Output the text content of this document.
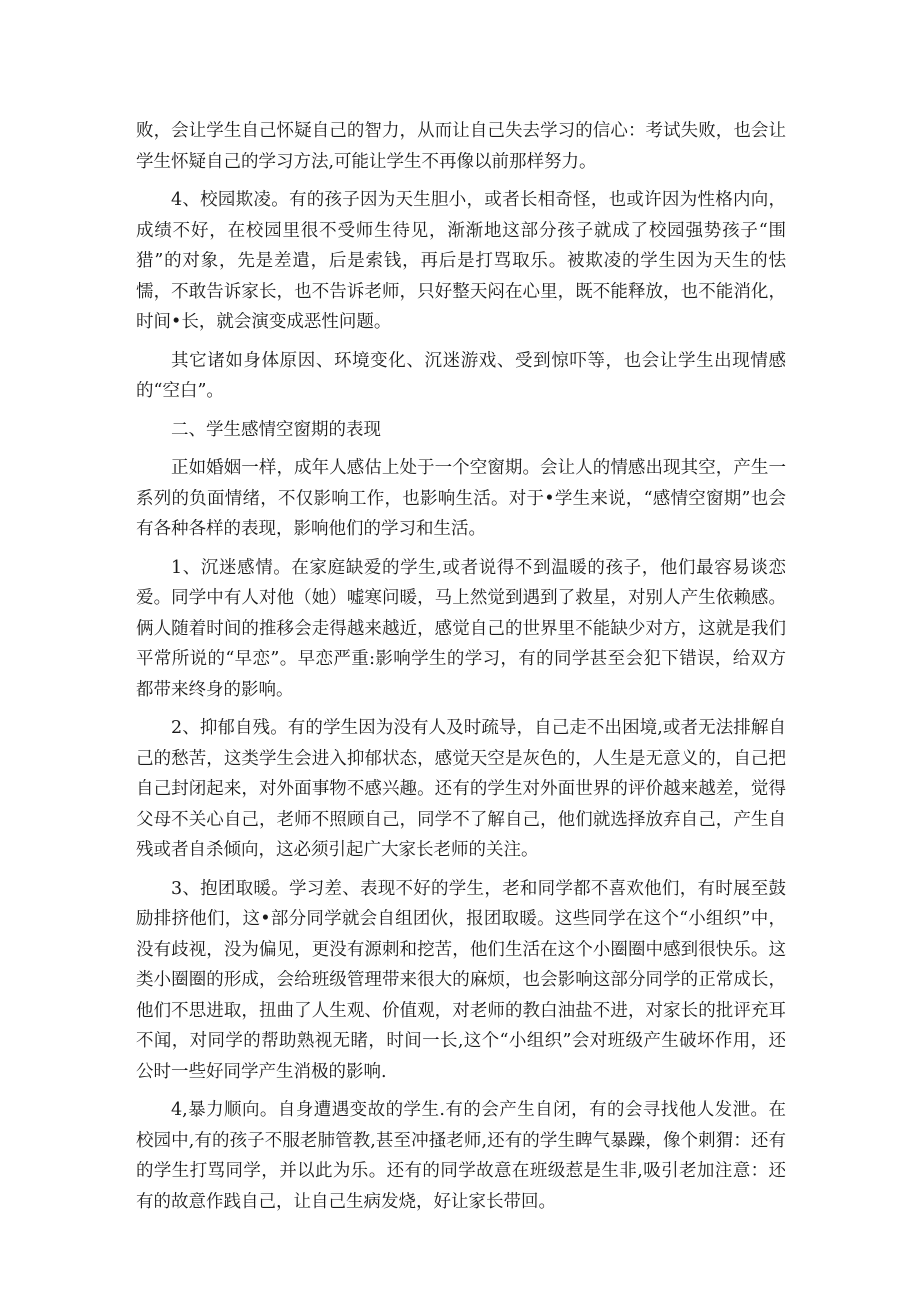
败，会让学生自己怀疑自己的智力，从而让自己失去学习的信心：考试失败，也会让学生怀疑自己的学习方法,可能让学生不再像以前那样努力。

4、校园欺凌。有的孩子因为天生胆小，或者长相奇怪，也或许因为性格内向，成绩不好，在校园里很不受师生待见，渐渐地这部分孩子就成了校园强势孩子“围猎”的对象，先是差遣，后是索钱，再后是打骂取乐。被欺凌的学生因为天生的怯懦，不敢告诉家长，也不告诉老师，只好整天闷在心里，既不能释放，也不能消化，时间•长，就会演变成恶性问题。

其它诸如身体原因、环境变化、沉迷游戏、受到惊吓等，也会让学生出现情感的“空白”。

二、学生感情空窗期的表现

正如婚姻一样，成年人感估上处于一个空窗期。会让人的情感出现其空，产生一系列的负面情绪，不仅影响工作，也影响生活。对于•学生来说，“感情空窗期”也会有各种各样的表现，影响他们的学习和生活。

1、沉迷感情。在家庭缺爱的学生,或者说得不到温暖的孩子，他们最容易谈恋爱。同学中有人对他（她）嘘寒问暖，马上然觉到遇到了救星，对别人产生依赖感。俩人随着时间的推移会走得越来越近，感觉自己的世界里不能缺少对方，这就是我们平常所说的“早恋”。早恋严重:影响学生的学习，有的同学甚至会犯下错误，给双方都带来终身的影响。

2、抑郁自残。有的学生因为没有人及时疏导，自己走不出困境,或者无法排解自己的愁苦，这类学生会进入抑郁状态，感觉天空是灰色的，人生是无意义的，自己把自己封闭起来，对外面事物不感兴趣。还有的学生对外面世界的评价越来越差，觉得父母不关心自己，老师不照顾自己，同学不了解自己，他们就选择放弃自己，产生自残或者自杀倾向，这必须引起广大家长老师的关注。

3、抱团取暖。学习差、表现不好的学生，老和同学都不喜欢他们，有时展至鼓励排挤他们，这•部分同学就会自组团伙，报团取暖。这些同学在这个“小组织”中，没有歧视，没为偏见，更没有源刺和挖苦，他们生活在这个小圈圈中感到很快乐。这类小圈圈的形成，会给班级管理带来很大的麻烦，也会影响这部分同学的正常成长，他们不思进取，扭曲了人生观、价值观，对老师的教白油盐不进，对家长的批评充耳不闻，对同学的帮助熟视无睹，时间一长,这个“小组织”会对班级产生破坏作用，还公时一些好同学产生消极的影响.

4,暴力顺向。自身遭遇变故的学生.有的会产生自闭，有的会寻找他人发泄。在校园中,有的孩子不服老肺管教,甚至冲搔老师,还有的学生睥气暴躁，像个刺猬：还有的学生打骂同学，并以此为乐。还有的同学故意在班级惹是生非,吸引老加注意：还有的故意作践自己，让自己生病发烧，好让家长带回。
